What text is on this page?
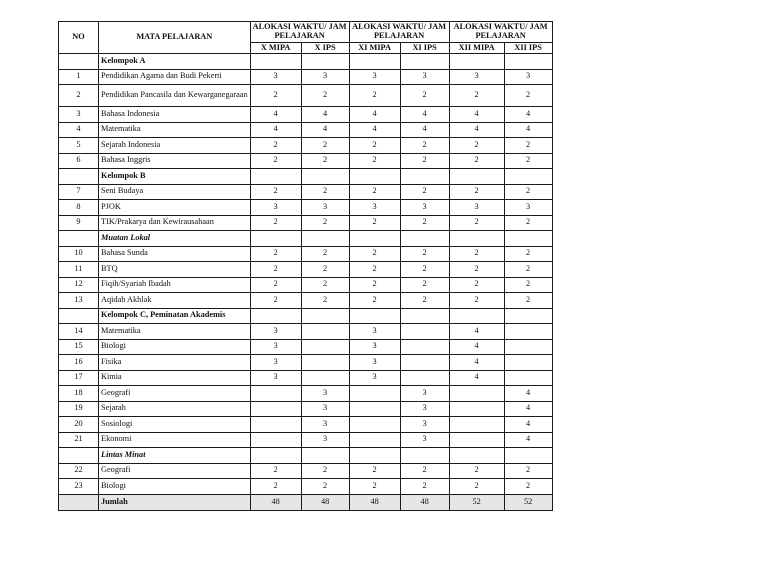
NO	MATA PELAJARAN	ALOKASI WAKTU/ JAM PELAJARAN		ALOKASI WAKTU/ JAM PELAJARAN		ALOKASI WAKTU/ JAM PELAJARAN	
		X MIPA	X IPS	XI MIPA	XI IPS	XII MIPA	XII IPS
	Kelompok A						
1	Pendidikan Agama dan Budi Pekerti	3	3	3	3	3	3
2	Pendidikan Pancasila dan Kewarganegaraan	2	2	2	2	2	2
3	Bahasa Indonesia	4	4	4	4	4	4
4	Matematika	4	4	4	4	4	4
5	Sejarah Indonesia	2	2	2	2	2	2
6	Bahasa Inggris	2	2	2	2	2	2
	Kelompok B						
7	Seni Budaya	2	2	2	2	2	2
8	PJOK	3	3	3	3	3	3
9	TIK/Prakarya dan Kewirausahaan	2	2	2	2	2	2
	Muatan Lokal						
10	Bahasa Sunda	2	2	2	2	2	2
11	BTQ	2	2	2	2	2	2
12	Fiqih/Syariah Ibadah	2	2	2	2	2	2
13	Aqidah Akhlak	2	2	2	2	2	2
	Kelompok C, Peminatan Akademis						
14	Matematika	3		3		4	
15	Biologi	3		3		4	
16	Fisika	3		3		4	
17	Kimia	3		3		4	
18	Geografi		3		3		4
19	Sejarah		3		3		4
20	Sosiologi		3		3		4
21	Ekonomi		3		3		4
	Lintas Minat						
22	Geografi	2	2	2	2	2	2
23	Biologi	2	2	2	2	2	2
	Jumlah	48	48	48	48	52	52
